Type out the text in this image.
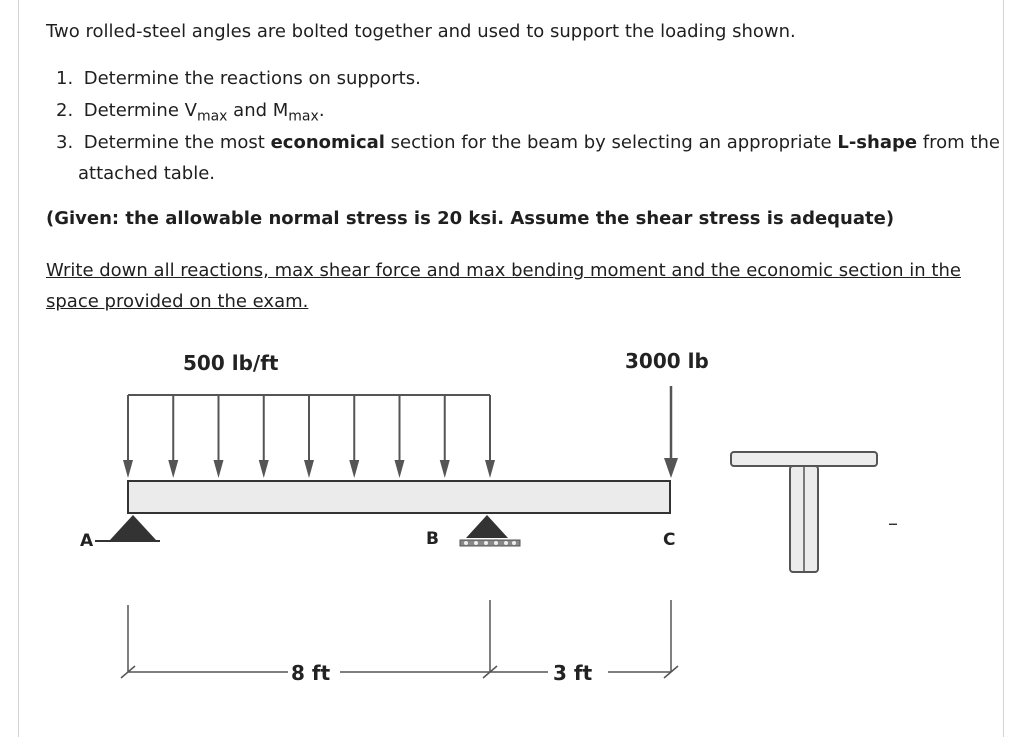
Two rolled-steel angles are bolted together and used to support the loading shown.
1. Determine the reactions on supports.
2. Determine $V_{max}$ and $M_{max}$.
3. Determine the most economical section for the beam by selecting an appropriate L-shape from the
attached table.
(Given: the allowable normal stress is 20 ksi. Assume the shear stress is adequate)
Write down all reactions, max shear force and max bending moment and the economic section in the
space provided on the exam.
500 lb/ft	3000 lb
A	B	C
–
8 ft	3 ft
